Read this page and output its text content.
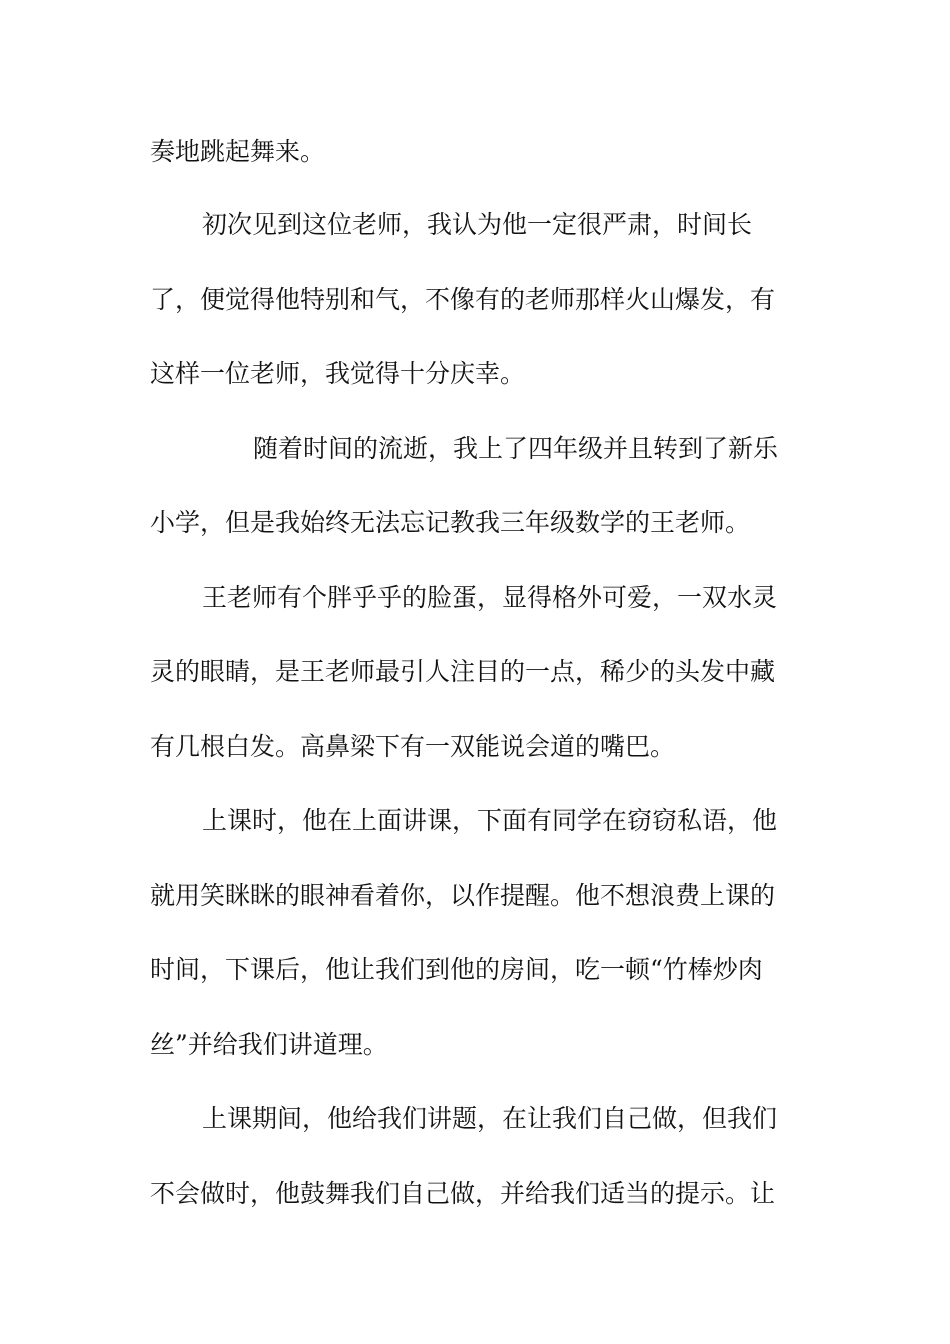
奏地跳起舞来。
初次见到这位老师，我认为他一定很严肃，时间长
了，便觉得他特别和气，不像有的老师那样火山爆发，有
这样一位老师，我觉得十分庆幸。
随着时间的流逝，我上了四年级并且转到了新乐
小学，但是我始终无法忘记教我三年级数学的王老师。
王老师有个胖乎乎的脸蛋，显得格外可爱，一双水灵
灵的眼睛，是王老师最引人注目的一点，稀少的头发中藏
有几根白发。高鼻梁下有一双能说会道的嘴巴。
上课时，他在上面讲课，下面有同学在窃窃私语，他
就用笑眯眯的眼神看着你，以作提醒。他不想浪费上课的
时间，下课后，他让我们到他的房间，吃一顿“竹棒炒肉
丝”并给我们讲道理。
上课期间，他给我们讲题，在让我们自己做，但我们
不会做时，他鼓舞我们自己做，并给我们适当的提示。让
